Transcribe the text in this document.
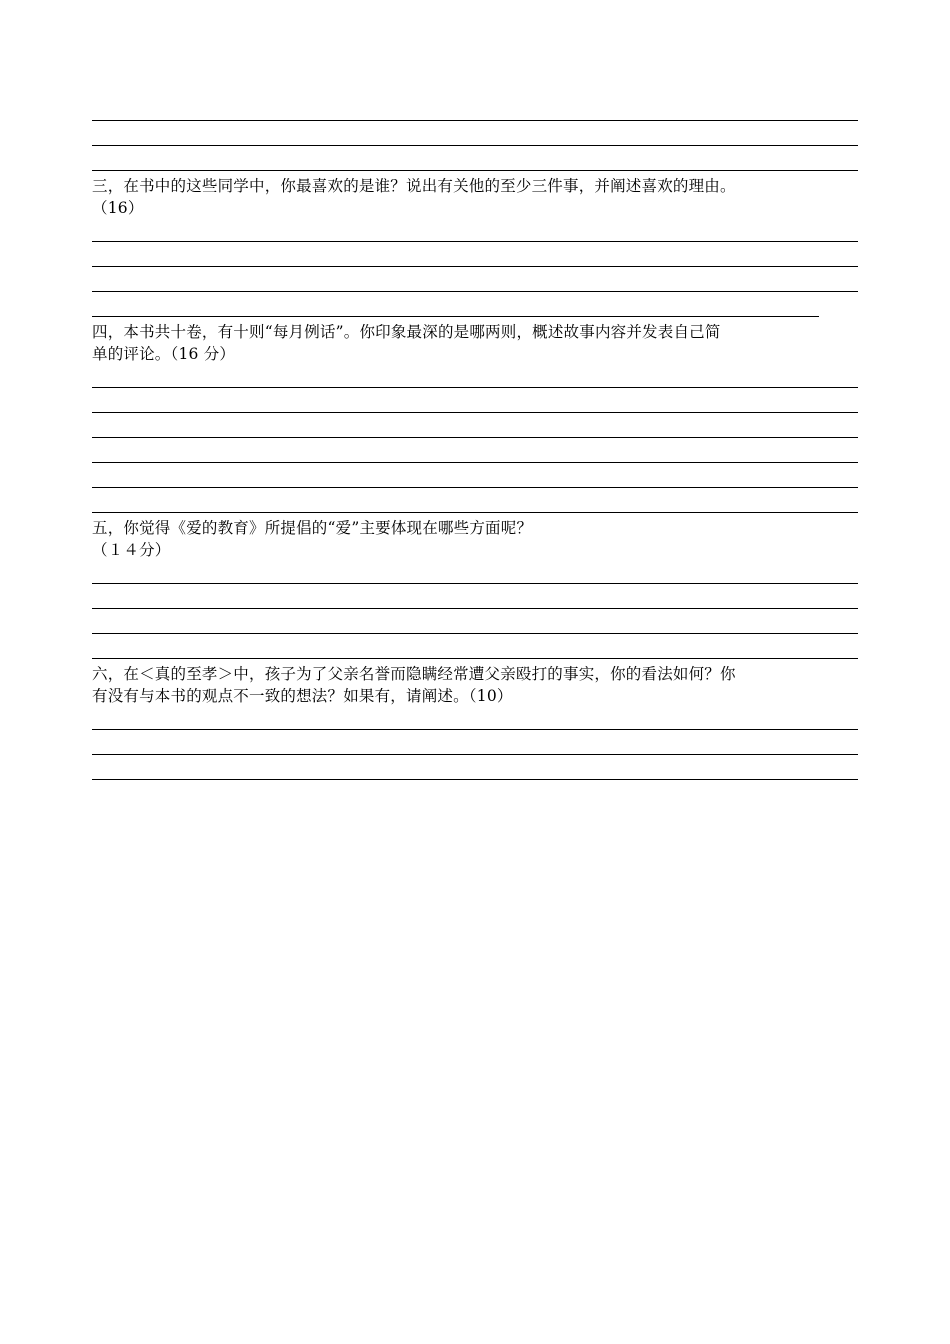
三，在书中的这些同学中，你最喜欢的是谁？说出有关他的至少三件事，并阐述喜欢的理由。
（16）
四，本书共十卷，有十则“每月例话”。你印象最深的是哪两则，概述故事内容并发表自己简
单的评论。（16 分）
五，你觉得《爱的教育》所提倡的“爱”主要体现在哪些方面呢？
（１４分）
六，在＜真的至孝＞中，孩子为了父亲名誉而隐瞒经常遭父亲殴打的事实，你的看法如何？你
有没有与本书的观点不一致的想法？如果有，请阐述。（10）
